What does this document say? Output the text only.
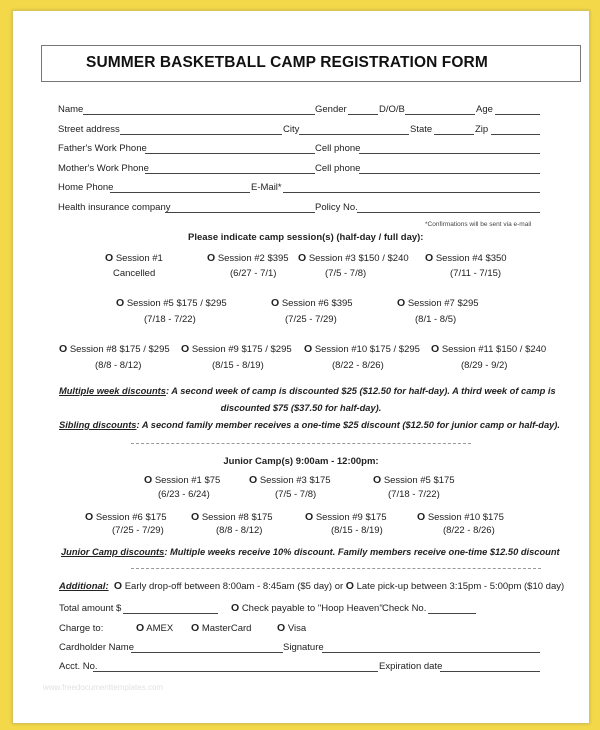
SUMMER BASKETBALL CAMP REGISTRATION FORM
Name	Gender	D/O/B	Age
Street address	City	State	Zip
Father's Work Phone	Cell phone
Mother's Work Phone	Cell phone
Home Phone	E-Mail*
Health insurance company	Policy No.
*Confirmations will be sent via e-mail
Please indicate camp session(s) (half-day / full day):
O Session #1
Cancelled
O Session #2 $395
(6/27 - 7/1)
O Session #3 $150 / $240
(7/5 - 7/8)
O Session #4 $350
(7/11 - 7/15)
O Session #5 $175 / $295
(7/18 - 7/22)
O Session #6 $395
(7/25 - 7/29)
O Session #7 $295
(8/1 - 8/5)
O Session #8 $175 / $295
(8/8 - 8/12)
O Session #9 $175 / $295
(8/15 - 8/19)
O Session #10 $175 / $295
(8/22 - 8/26)
O Session #11 $150 / $240
(8/29 - 9/2)
Multiple week discounts: A second week of camp is discounted $25 ($12.50 for half-day). A third week of camp is
discounted $75 ($37.50 for half-day).
Sibling discounts: A second family member receives a one-time $25 discount ($12.50 for junior camp or half-day).
Junior Camp(s) 9:00am - 12:00pm:
O Session #1 $75
(6/23 - 6/24)
O Session #3 $175
(7/5 - 7/8)
O Session #5 $175
(7/18 - 7/22)
O Session #6 $175
(7/25 - 7/29)
O Session #8 $175
(8/8 - 8/12)
O Session #9 $175
(8/15 - 8/19)
O Session #10 $175
(8/22 - 8/26)
Junior Camp discounts: Multiple weeks receive 10% discount. Family members receive one-time $12.50 discount
Additional: O Early drop-off between 8:00am - 8:45am ($5 day) or O Late pick-up between 3:15pm - 5:00pm ($10 day)
Total amount $	O Check payable to "Hoop Heaven" Check No.
Charge to:	O AMEX O MasterCard O Visa
Cardholder Name	Signature
Acct. No.	Expiration date
www.freedocumenttemplates.com
